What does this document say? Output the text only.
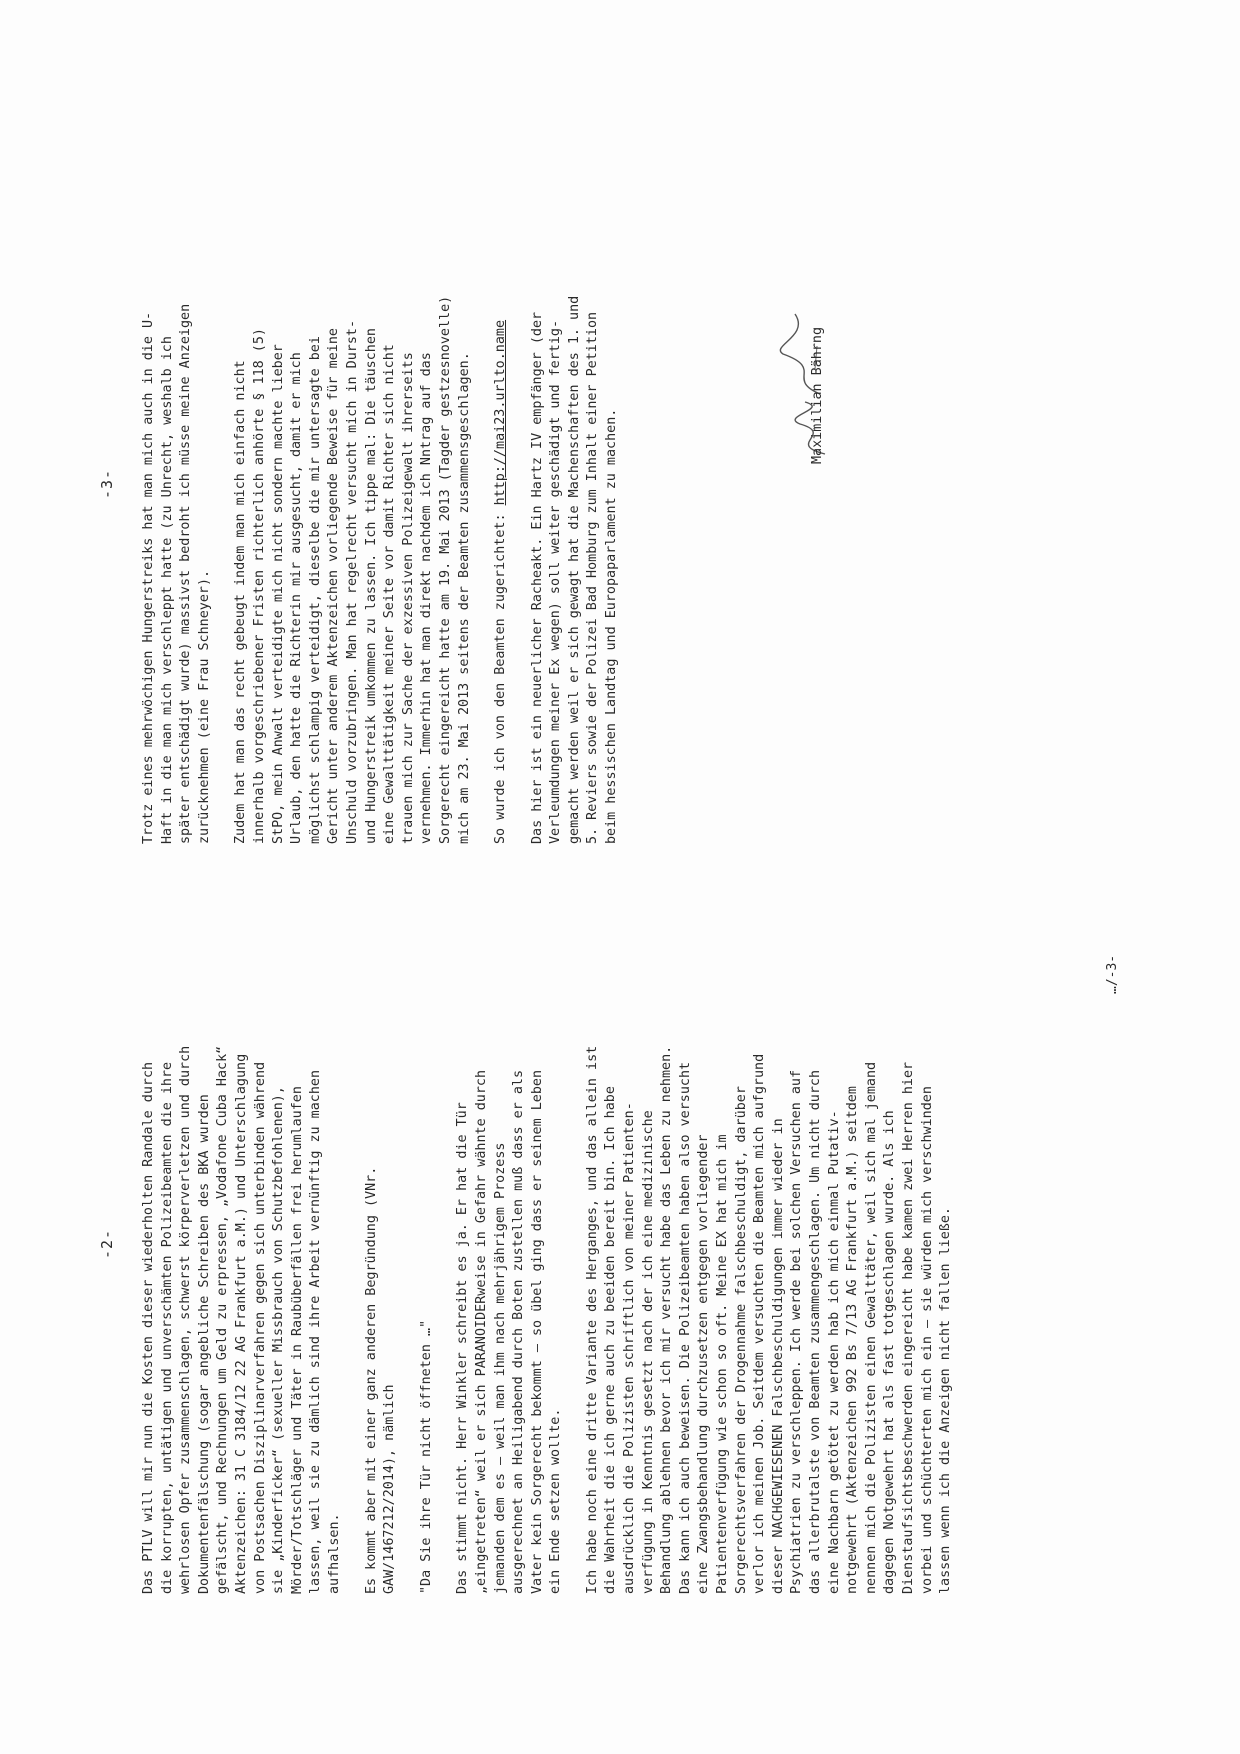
-2-

Das PTLV will mir nun die Kosten dieser wiederholten Randale durch
die korrupten, untätigen und unverschämten Polizeibeamten die ihre
wehrlosen Opfer zusammenschlagen, schwerst körperverletzen und durch
Dokumentenfälschung (sogar angebliche Schreiben des BKA wurden
gefälscht, und Rechnungen um Geld zu erpressen, „Vodafone Cuba Hack“
Aktenzeichen: 31 C 3184/12 22 AG Frankfurt a.M.) und Unterschlagung
von Postsachen Disziplinarverfahren gegen sich unterbinden während
sie „Kinderficker“ (sexueller Missbrauch von Schutzbefohlenen),
Mörder/Totschläger und Täter in Raubüberfällen frei herumlaufen
lassen, weil sie zu dämlich sind ihre Arbeit vernünftig zu machen
aufhalsen. Es kommt aber mit einer ganz anderen Begründung (VNr.
GAW/1467212/2014), nämlich "Da Sie ihre Tür nicht öffneten …" Das stimmt nicht. Herr Winkler schreibt es ja. Er hat die Tür
„eingetreten“ weil er sich PARANOIDERweise in Gefahr wähnte durch
jemanden dem es – weil man ihm nach mehrjährigem Prozess
ausgerechnet an Heiligabend durch Boten zustellen muß dass er als
Vater kein Sorgerecht bekommt – so übel ging dass er seinem Leben
ein Ende setzen wollte.

Ich habe noch eine dritte Variante des Herganges, und das allein ist
die Wahrheit die ich gerne auch zu beeiden bereit bin. Ich habe
ausdrücklich die Polizisten schriftlich von meiner Patienten-
verfügung in Kenntnis gesetzt nach der ich eine medizinische
Behandlung ablehnen bevor ich mir versucht habe das Leben zu nehmen.
Das kann ich auch beweisen. Die Polizeibeamten haben also versucht
eine Zwangsbehandlung durchzusetzen entgegen vorliegender
Patientenverfügung wie schon so oft. Meine EX hat mich im
Sorgerechtsverfahren der Drogennahme falschbeschuldigt, darüber
verlor ich meinen Job. Seitdem versuchten die Beamten mich aufgrund
dieser NACHGEWIESENEN Falschbeschuldigungen immer wieder in
Psychiatrien zu verschleppen. Ich werde bei solchen Versuchen auf
das allerbrutalste von Beamten zusammengeschlagen. Um nicht durch
eine Nachbarn getötet zu werden hab ich mich einmal Putativ-
notgewehrt (Aktenzeichen 992 Bs 7/13 AG Frankfurt a.M.) seitdem
nennen mich die Polizisten einen Gewalttäter, weil sich mal jemand
dagegen Notgewehrt hat als fast totgeschlagen wurde. Als ich
Dienstaufsichtsbeschwerden eingereicht habe kamen zwei Herren hier
vorbei und schüchterten mich ein – sie würden mich verschwinden
lassen wenn ich die Anzeigen nicht fallen ließe.

…/-3-
-3-

Trotz eines mehrwöchigen Hungerstreiks hat man mich auch in die U-
Haft in die man mich verschleppt hatte (zu Unrecht, weshalb ich
später entschädigt wurde) massivst bedroht ich müsse meine Anzeigen
zurücknehmen (eine Frau Schneyer).

Zudem hat man das recht gebeugt indem man mich einfach nicht
innerhalb vorgeschriebener Fristen richterlich anhörte § 118 (5)
StPO, mein Anwalt verteidigte mich nicht sondern machte lieber
Urlaub, den hatte die Richterin mir ausgesucht, damit er mich
möglichst schlampig verteidigt, dieselbe die mir untersagte bei
Gericht unter anderem Aktenzeichen vorliegende Beweise für meine
Unschuld vorzubringen. Man hat regelrecht versucht mich in Durst-
und Hungerstreik umkommen zu lassen. Ich tippe mal: Die täuschen
eine Gewalttätigkeit meiner Seite vor damit Richter sich nicht
trauen mich zur Sache der exzessiven Polizeigewalt ihrerseits
vernehmen. Immerhin hat man direkt nachdem ich Nntrag auf das
Sorgerecht eingereicht hatte am 19. Mai 2013 (Tagder gestzesnovelle)
mich am 23. Mai 2013 seitens der Beamten zusammensgeschlagen.

So wurde ich von den Beamten zugerichtet: http://mai23.urlto.name

Das hier ist ein neuerlicher Racheakt. Ein Hartz IV empfänger (der
Verleumdungen meiner Ex wegen) soll weiter geschädigt und fertig-
gemacht werden weil er sich gewagt hat die Machenschaften des 1. und
5. Reviers sowie der Polizei Bad Homburg zum Inhalt einer Petition
beim hessischen Landtag und Europaparlament zu machen.	Maximilian Bährng
